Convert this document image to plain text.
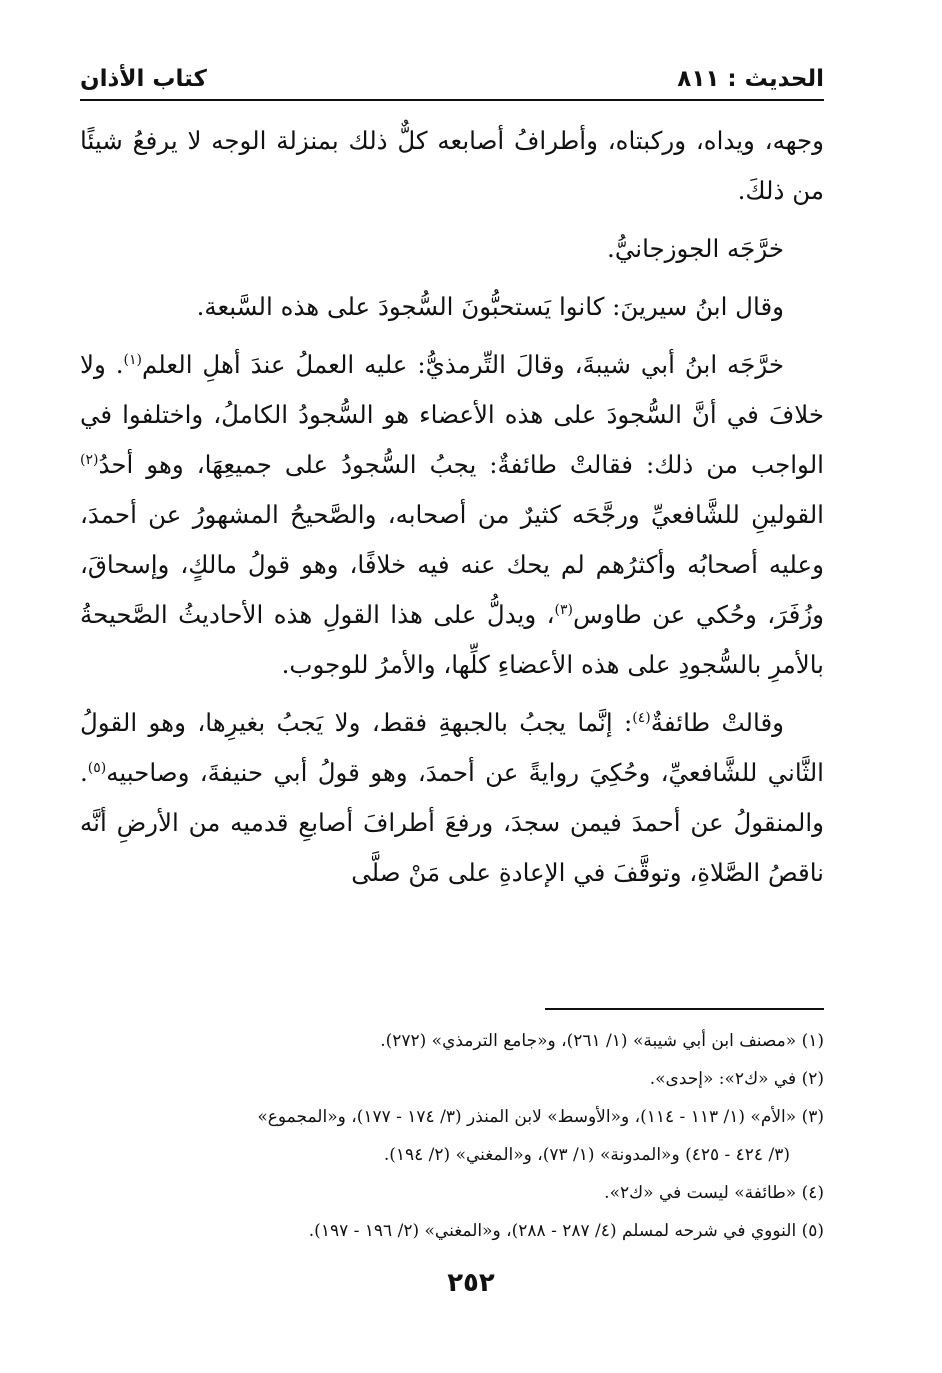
كتاب الأذان	الحديث : ٨١١

وجهه، ويداه، وركبتاه، وأطرافُ أصابعه كلٌّ ذلك بمنزلة الوجه لا يرفعُ شيئًا من ذلكَ.

خرَّجَه الجوزجانيُّ.

وقال ابنُ سيرينَ: كانوا يَستحبُّونَ السُّجودَ على هذه السَّبعة.

خرَّجَه ابنُ أبي شيبةَ، وقالَ التِّرمذيُّ: عليه العملُ عندَ أهلِ العلم$^{(١)}$. ولا خلافَ في أنَّ السُّجودَ على هذه الأعضاء هو السُّجودُ الكاملُ، واختلفوا في الواجب من ذلك: فقالتْ طائفةٌ: يجبُ السُّجودُ على جميعِهَا، وهو أحدُ$^{(٢)}$ القولينِ للشَّافعيِّ ورجَّحَه كثيرٌ من أصحابه، والصَّحيحُ المشهورُ عن أحمدَ، وعليه أصحابُه وأكثرُهم لم يحك عنه فيه خلافًا، وهو قولُ مالكٍ، وإسحاقَ، وزُفَرَ، وحُكي عن طاوس$^{(٣)}$، ويدلُّ على هذا القولِ هذه الأحاديثُ الصَّحيحةُ بالأمرِ بالسُّجودِ على هذه الأعضاءِ كلِّها، والأمرُ للوجوب.

وقالتْ طائفةٌ$^{(٤)}$: إنَّما يجبُ بالجبهةِ فقط، ولا يَجبُ بغيرِها، وهو القولُ الثَّاني للشَّافعيِّ، وحُكِيَ روايةً عن أحمدَ، وهو قولُ أبي حنيفةَ، وصاحبيه$^{(٥)}$. والمنقولُ عن أحمدَ فيمن سجدَ، ورفعَ أطرافَ أصابعِ قدميه من الأرضِ أنَّه ناقصُ الصَّلاةِ، وتوقَّفَ في الإعادةِ على مَنْ صلَّى

(١) «مصنف ابن أبي شيبة» (١/ ٢٦١)، و«جامع الترمذي» (٢٧٢).

(٢) في «ك٢»: «إحدى».

(٣) «الأم» (١/ ١١٣ - ١١٤)، و«الأوسط» لابن المنذر (٣/ ١٧٤ - ١٧٧)، و«المجموع»

(٣/ ٤٢٤ - ٤٢٥) و«المدونة» (١/ ٧٣)، و«المغني» (٢/ ١٩٤).

(٤) «طائفة» ليست في «ك٢».

(٥) النووي في شرحه لمسلم (٤/ ٢٨٧ - ٢٨٨)، و«المغني» (٢/ ١٩٦ - ١٩٧).

٢٥٢
